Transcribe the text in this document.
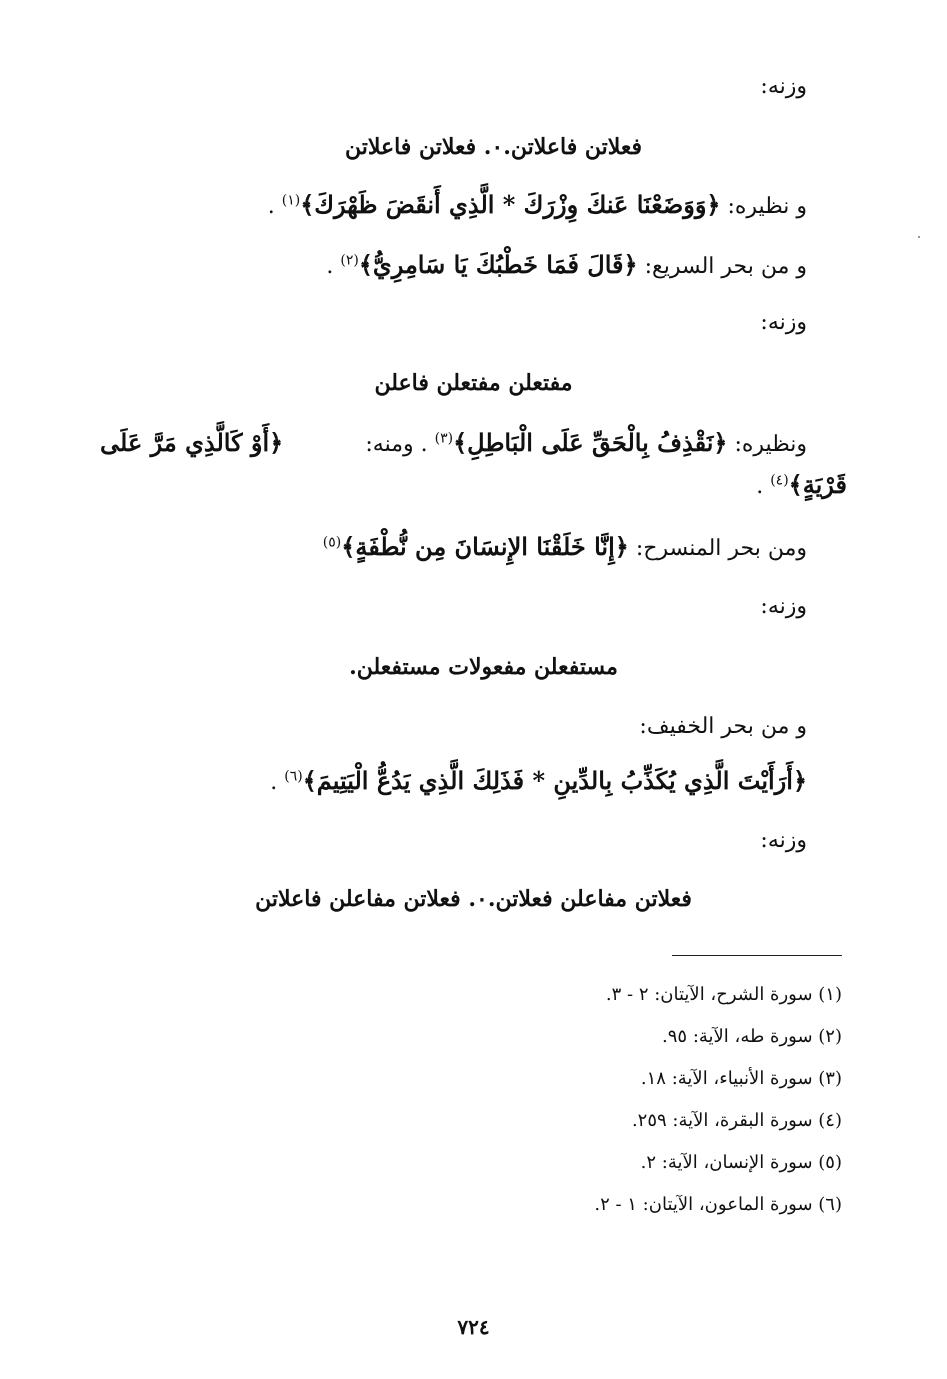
وزنه:
فعلاتن فاعلاتن.٠. فعلاتن فاعلاتن
و نظيره: ﴿وَوَضَعْنَا عَنكَ وِزْرَكَ * الَّذِي أَنقَضَ ظَهْرَكَ﴾$^{(١)}$ .
و من بحر السريع: ﴿قَالَ فَمَا خَطْبُكَ يَا سَامِرِيُّ﴾$^{(٢)}$ .
وزنه:
مفتعلن مفتعلن فاعلن
ونظيره: ﴿نَقْذِفُ بِالْحَقِّ عَلَى الْبَاطِلِ﴾$^{(٣)}$ . ومنه:
﴿أَوْ كَالَّذِي مَرَّ عَلَى
قَرْيَةٍ﴾$^{(٤)}$ .
ومن بحر المنسرح: ﴿إِنَّا خَلَقْنَا الإِنسَانَ مِن نُّطْفَةٍ﴾$^{(٥)}$
وزنه:
مستفعلن مفعولات مستفعلن.
و من بحر الخفيف:
﴿أَرَأَيْتَ الَّذِي يُكَذِّبُ بِالدِّينِ * فَذَلِكَ الَّذِي يَدُعُّ الْيَتِيمَ﴾$^{(٦)}$ .
وزنه:
فعلاتن مفاعلن فعلاتن.٠. فعلاتن مفاعلن فاعلاتن
(١) سورة الشرح، الآيتان: ٢ - ٣.
(٢) سورة طه، الآية: ٩٥.
(٣) سورة الأنبياء، الآية: ١٨.
(٤) سورة البقرة، الآية: ٢٥٩.
(٥) سورة الإنسان، الآية: ٢.
(٦) سورة الماعون، الآيتان: ١ - ٢.
٧٢٤
